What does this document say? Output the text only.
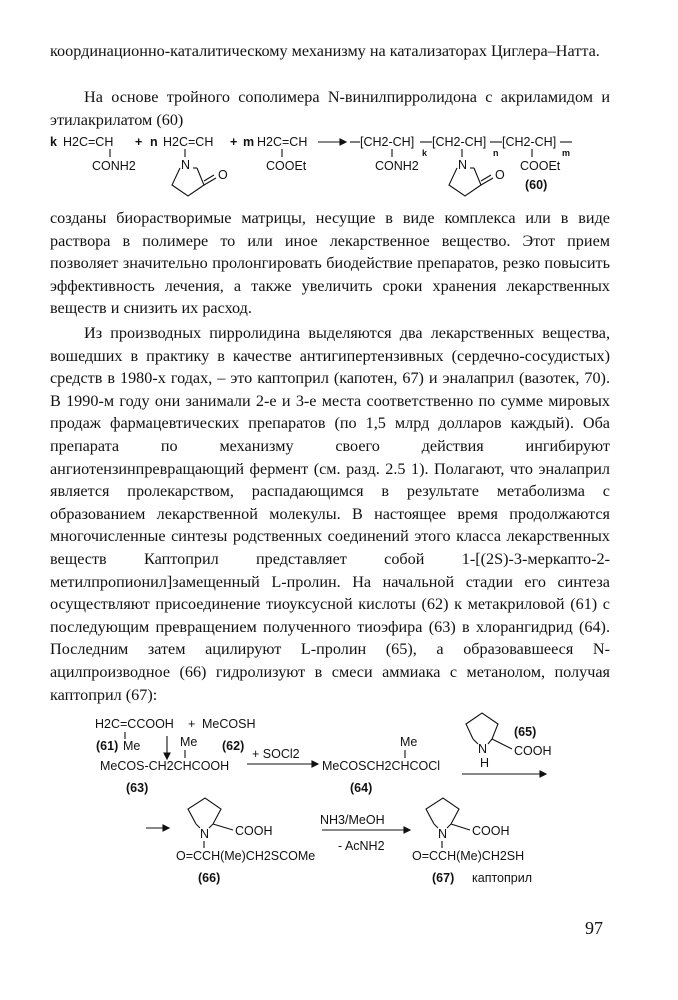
координационно-каталитическому механизму на катализаторах Циглера–Натта.

На основе тройного сополимера N-винилпирролидона с акриламидом и этилакрилатом (60)

k H2C=CH
CONH2
+ n H2C=CH
N
O
+ m H2C=CH
COOEt
[CH2-CH]
k
CONH2
[CH2-CH]
n
N
O
[CH2-CH]
m
COOEt
(60)

созданы биорастворимые матрицы, несущие в виде комплекса или в виде раствора в полимере то или иное лекарственное вещество. Этот прием позволяет значительно пролонгировать биодействие препаратов, резко повысить эффективность лечения, а также увеличить сроки хранения лекарственных веществ и снизить их расход.

Из производных пирролидина выделяются два лекарственных вещества, вошедших в практику в качестве антигипертензивных (сердечно-сосудистых) средств в 1980-х годах, – это каптоприл (капотен, 67) и эналаприл (вазотек, 70). В 1990-м году они занимали 2-е и 3-е места соответственно по сумме мировых продаж фармацевтических препаратов (по 1,5 млрд долларов каждый). Оба препарата по механизму своего действия ингибируют ангиотензинпревращающий фермент (см. разд. 2.5 1). Полагают, что эналаприл является пролекарством, распадающимся в результате метаболизма с образованием лекарственной молекулы. В настоящее время продолжаются многочисленные синтезы родственных соединений этого класса лекарственных веществ Каптоприл представляет собой 1-[(2S)-3-меркапто-2-метилпропионил]замещенный L-пролин. На начальной стадии его синтеза осуществляют присоединение тиоуксусной кислоты (62) к метакриловой (61) с последующим превращением полученного тиоэфира (63) в хлорангидрид (64). Последним затем ацилируют L-пролин (65), а образовавшееся N-ацилпроизводное (66) гидролизуют в смеси аммиака с метанолом, получая каптоприл (67):

H2C=CCOOH + MeCOSH
(61) Me	(62)
Me
MeCOS-CH2CHCOOH
(63)
+ SOCl2
Me
MeCOSCH2CHCOCl
(64)
N
H
COOH
(65)
N COOH
O=CCH(Me)CH2SCOMe
(66)
NH3/MeOH
- AcNH2
N COOH
O=CCH(Me)CH2SH
(67) каптоприл
97
